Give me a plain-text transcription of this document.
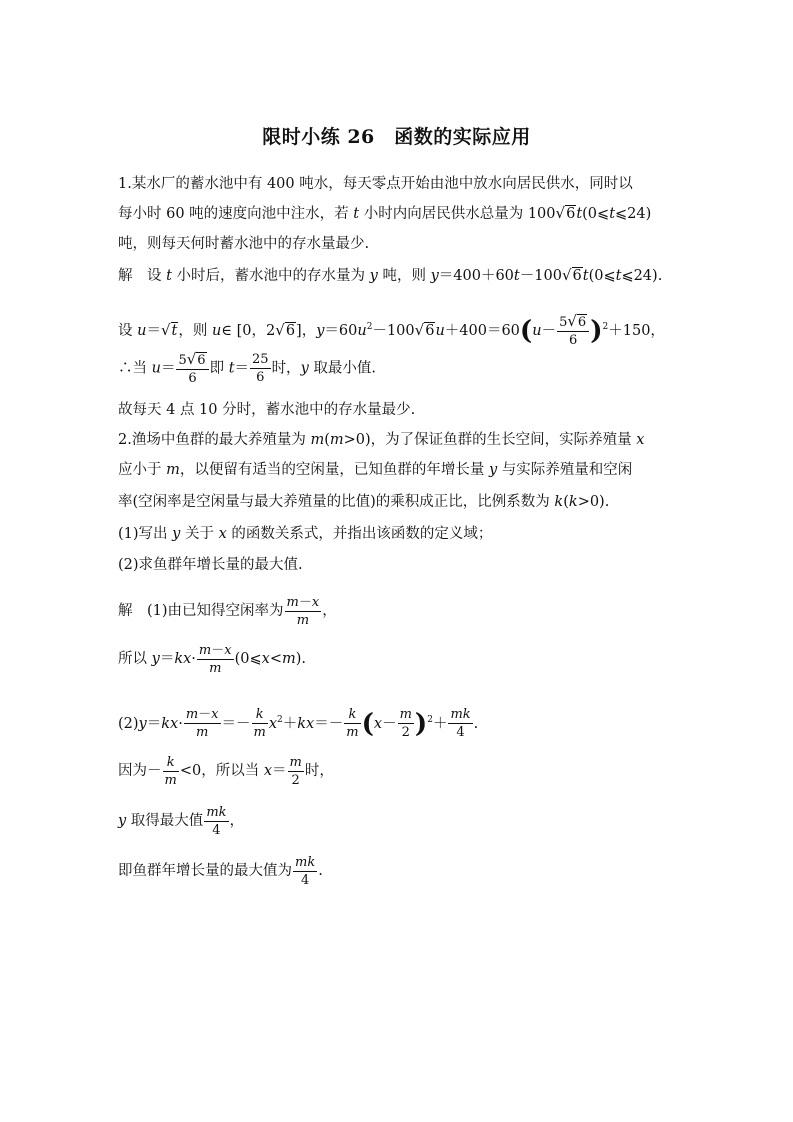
限时小练 26　函数的实际应用
1.某水厂的蓄水池中有 400 吨水，每天零点开始由池中放水向居民供水，同时以
每小时 60 吨的速度向池中注水，若 t 小时内向居民供水总量为 100√6t(0⩽t⩽24)
吨，则每天何时蓄水池中的存水量最少.
解　设 t 小时后，蓄水池中的存水量为 y 吨，则 y＝400＋60t－100√6t(0⩽t⩽24).
设 u＝√t，则 u∈ [0，2√6]，$y=60u^2-100√6u+400=60(u- \frac{5√6}{6} )^2+150$，
∴当 $u= \frac{5√6}{6}$ 即 $t= \frac{25}{6}$ 时，y 取最小值.
故每天 4 点 10 分时，蓄水池中的存水量最少.
2.渔场中鱼群的最大养殖量为 m(m>0)，为了保证鱼群的生长空间，实际养殖量 x
应小于 m，以便留有适当的空闲量，已知鱼群的年增长量 y 与实际养殖量和空闲
率(空闲率是空闲量与最大养殖量的比值)的乘积成正比，比例系数为 k(k>0).
(1)写出 y 关于 x 的函数关系式，并指出该函数的定义域；
(2)求鱼群年增长量的最大值.
解　(1)由已知得空闲率为 $\frac{m-x}{m}$ ，
所以 $y=kx\cdot \frac{m-x}{m}$ (0⩽x<m).
$(2)y=kx\cdot \frac{m-x}{m} =- \frac{k}{m} x^2+kx=- \frac{k}{m} (x- \frac{m}{2} )^2+ \frac{mk}{4}$ .
因为－ $\frac{k}{m} <0$，所以当 $x= \frac{m}{2}$ 时，
y 取得最大值 $\frac{mk}{4}$ ，
即鱼群年增长量的最大值为 $\frac{mk}{4}$ .
